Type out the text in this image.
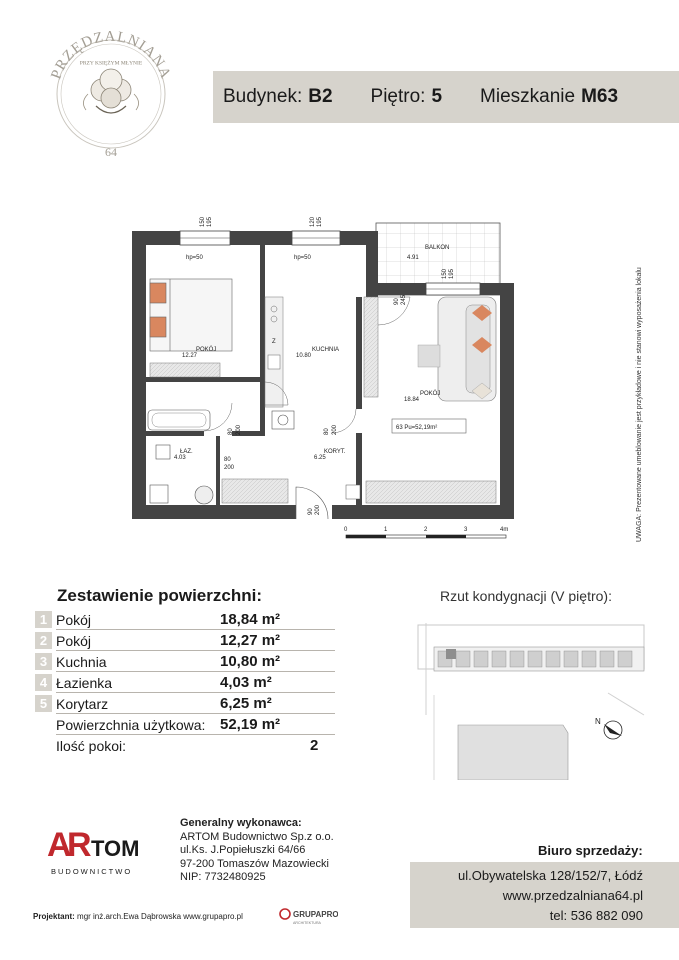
PRZĘDZALNIANA
PRZY KSIĘŻYM MŁYNIE
64
Budynek: B2 Piętro: 5 Mieszkanie M63
BALKON
4.91
150 195	120 195
150 195
hp=50	hp=50
POKÓJ
12.27
Z
KUCHNIA
10.80
ŁAZ.
4.03
KORYT.
6.25
POKÓJ
18.84
63 Pu=52,19m²
80 200	80 200
80
200
90 200
90 245
0	1	2	3	4m	UWAGA: Prezentowane umeblowanie jest przykładowe i nie stanowi wyposażenia lokalu
Zestawienie powierzchni:
1 Pokój	18,84 m²
2 Pokój	12,27 m²
3 Kuchnia	10,80 m²
4 Łazienka	4,03 m²
5 Korytarz	6,25 m²
Powierzchnia użytkowa: 52,19 m²
Ilość pokoi:	2
Rzut kondygnacji (V piętro):
N
A
R TOM
BUDOWNICTWO
Generalny wykonawca:
ARTOM Budownictwo Sp.z o.o.
ul.Ks. J.Popiełuszki 64/66
97-200 Tomaszów Mazowiecki
NIP: 7732480925
Biuro sprzedaży:
ul.Obywatelska 128/152/7, Łódź
www.przedzalniana64.pl
tel: 536 882 090
Projektant: mgr inż.arch.Ewa Dąbrowska www.grupapro.pl	GRUPAPRO
ARCHITEKTURA
